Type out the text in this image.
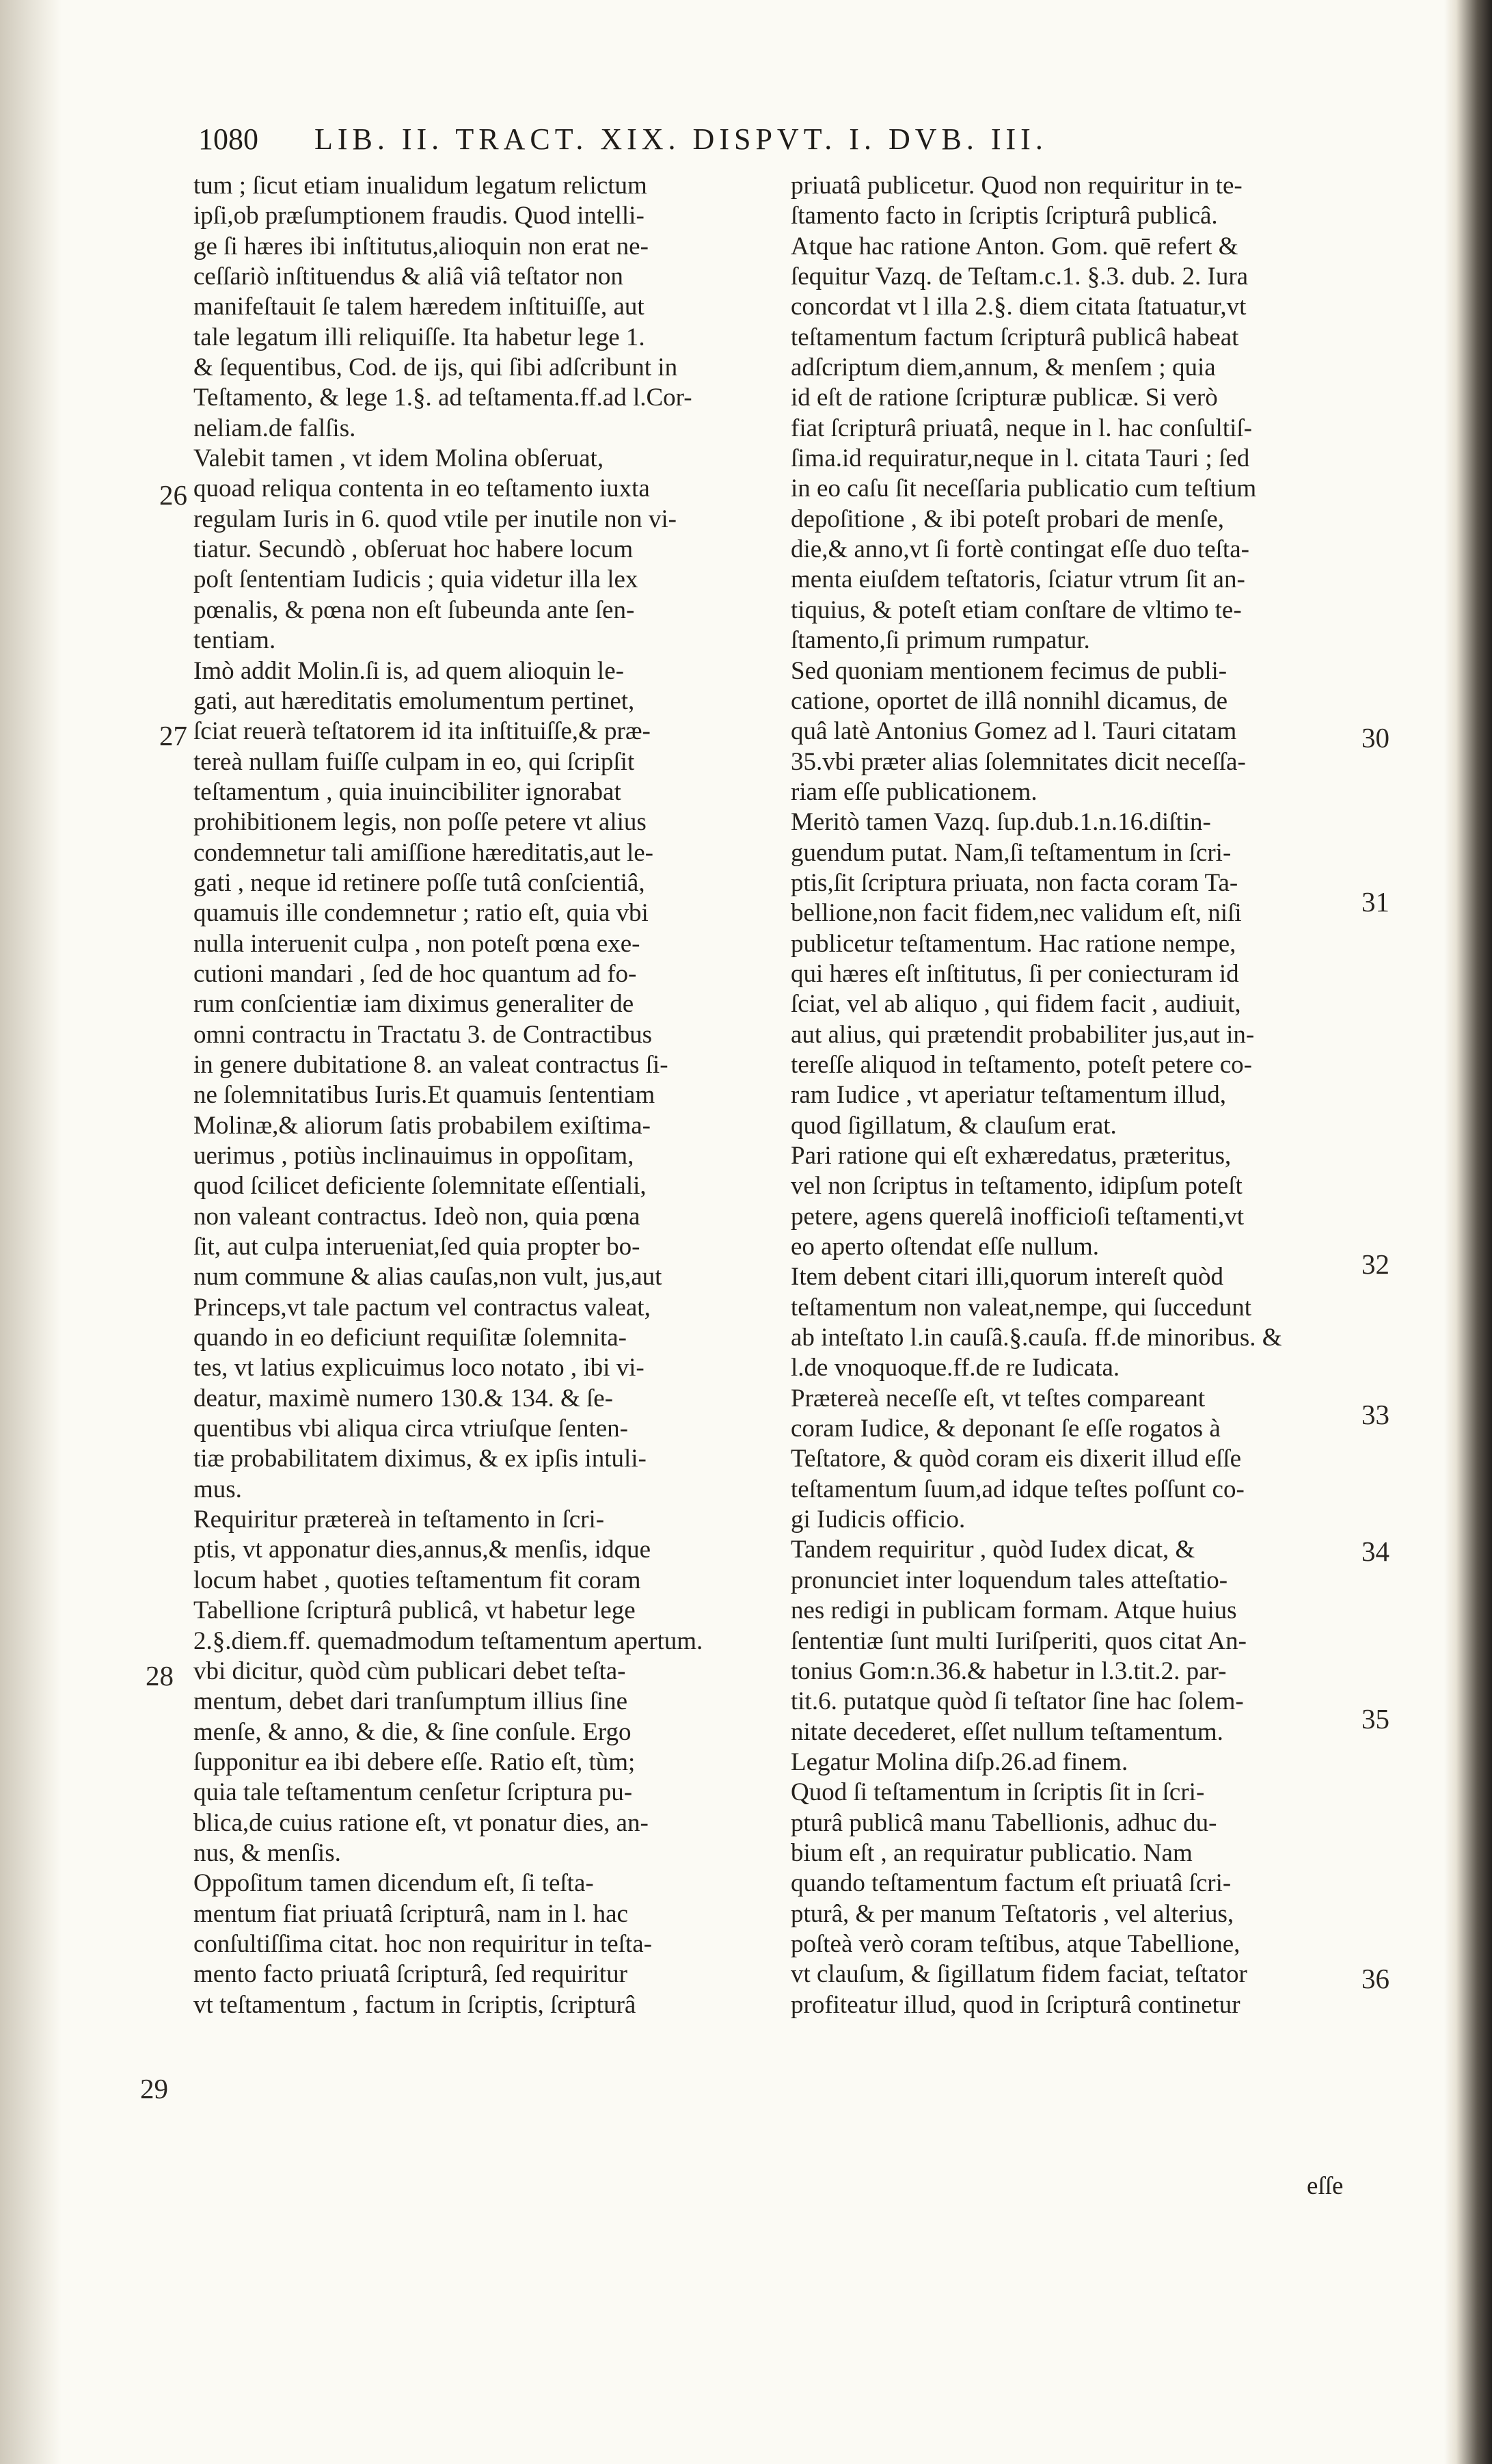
1080	LIB. II. TRACT. XIX. DISPVT. I. DVB. III.
tum ; ſicut etiam inualidum legatum relictum
ipſi,ob præſumptionem fraudis. Quod intelli-
ge ſi hæres ibi inſtitutus,alioquin non erat ne-
ceſſariò inſtituendus & aliâ viâ teſtator non
manifeſtauit ſe talem hæredem inſtituiſſe, aut
tale legatum illi reliquiſſe. Ita habetur lege 1.
& ſequentibus, Cod. de ijs, qui ſibi adſcribunt in
Teſtamento, & lege 1.§. ad teſtamenta.ff.ad l.Cor-
neliam.de falſis.
Valebit tamen , vt idem Molina obſeruat,
quoad reliqua contenta in eo teſtamento iuxta
regulam Iuris in 6. quod vtile per inutile non vi-
tiatur. Secundò , obſeruat hoc habere locum
poſt ſententiam Iudicis ; quia videtur illa lex
pœnalis, & pœna non eſt ſubeunda ante ſen-
tentiam.
Imò addit Molin.ſi is, ad quem alioquin le-
gati, aut hæreditatis emolumentum pertinet,
ſciat reuerà teſtatorem id ita inſtituiſſe,& præ-
tereà nullam fuiſſe culpam in eo, qui ſcripſit
teſtamentum , quia inuincibiliter ignorabat
prohibitionem legis, non poſſe petere vt alius
condemnetur tali amiſſione hæreditatis,aut le-
gati , neque id retinere poſſe tutâ conſcientiâ,
quamuis ille condemnetur ; ratio eſt, quia vbi
nulla interuenit culpa , non poteſt pœna exe-
cutioni mandari , ſed de hoc quantum ad fo-
rum conſcientiæ iam diximus generaliter de
omni contractu in Tractatu 3. de Contractibus
in genere dubitatione 8. an valeat contractus ſi-
ne ſolemnitatibus Iuris.Et quamuis ſententiam
Molinæ,& aliorum ſatis probabilem exiſtima-
uerimus , potiùs inclinauimus in oppoſitam,
quod ſcilicet deficiente ſolemnitate eſſentiali,
non valeant contractus. Ideò non, quia pœna
ſit, aut culpa interueniat,ſed quia propter bo-
num commune & alias cauſas,non vult, jus,aut
Princeps,vt tale pactum vel contractus valeat,
quando in eo deficiunt requiſitæ ſolemnita-
tes, vt latius explicuimus loco notato , ibi vi-
deatur, maximè numero 130.& 134. & ſe-
quentibus vbi aliqua circa vtriuſque ſenten-
tiæ probabilitatem diximus, & ex ipſis intuli-
mus.
Requiritur prætereà in teſtamento in ſcri-
ptis, vt apponatur dies,annus,& menſis, idque
locum habet , quoties teſtamentum fit coram
Tabellione ſcripturâ publicâ, vt habetur lege
2.§.diem.ff. quemadmodum teſtamentum apertum.
vbi dicitur, quòd cùm publicari debet teſta-
mentum, debet dari tranſumptum illius ſine
menſe, & anno, & die, & ſine conſule. Ergo
ſupponitur ea ibi debere eſſe. Ratio eſt, tùm;
quia tale teſtamentum cenſetur ſcriptura pu-
blica,de cuius ratione eſt, vt ponatur dies, an-
nus, & menſis.
Oppoſitum tamen dicendum eſt, ſi teſta-
mentum fiat priuatâ ſcripturâ, nam in l. hac
conſultiſſima citat. hoc non requiritur in teſta-
mento facto priuatâ ſcripturâ, ſed requiritur
vt teſtamentum , factum in ſcriptis, ſcripturâ
priuatâ publicetur. Quod non requiritur in te-
ſtamento facto in ſcriptis ſcripturâ publicâ.
Atque hac ratione Anton. Gom. quē refert &
ſequitur Vazq. de Teſtam.c.1. §.3. dub. 2. Iura
concordat vt l illa 2.§. diem citata ſtatuatur,vt
teſtamentum factum ſcripturâ publicâ habeat
adſcriptum diem,annum, & menſem ; quia
id eſt de ratione ſcripturæ publicæ. Si verò
fiat ſcripturâ priuatâ, neque in l. hac conſultiſ-
ſima.id requiratur,neque in l. citata Tauri ; ſed
in eo caſu ſit neceſſaria publicatio cum teſtium
depoſitione , & ibi poteſt probari de menſe,
die,& anno,vt ſi fortè contingat eſſe duo teſta-
menta eiuſdem teſtatoris, ſciatur vtrum ſit an-
tiquius, & poteſt etiam conſtare de vltimo te-
ſtamento,ſi primum rumpatur.
Sed quoniam mentionem fecimus de publi-
catione, oportet de illâ nonnihl dicamus, de
quâ latè Antonius Gomez ad l. Tauri citatam
35.vbi præter alias ſolemnitates dicit neceſſa-
riam eſſe publicationem.
Meritò tamen Vazq. ſup.dub.1.n.16.diſtin-
guendum putat. Nam,ſi teſtamentum in ſcri-
ptis,ſit ſcriptura priuata, non facta coram Ta-
bellione,non facit fidem,nec validum eſt, niſi
publicetur teſtamentum. Hac ratione nempe,
qui hæres eſt inſtitutus, ſi per coniecturam id
ſciat, vel ab aliquo , qui fidem facit , audiuit,
aut alius, qui prætendit probabiliter jus,aut in-
tereſſe aliquod in teſtamento, poteſt petere co-
ram Iudice , vt aperiatur teſtamentum illud,
quod ſigillatum, & clauſum erat.
Pari ratione qui eſt exhæredatus, præteritus,
vel non ſcriptus in teſtamento, idipſum poteſt
petere, agens querelâ inofficioſi teſtamenti,vt
eo aperto oſtendat eſſe nullum.
Item debent citari illi,quorum intereſt quòd
teſtamentum non valeat,nempe, qui ſuccedunt
ab inteſtato l.in cauſâ.§.cauſa. ff.de minoribus. &
l.de vnoquoque.ff.de re Iudicata.
Prætereà neceſſe eſt, vt teſtes compareant
coram Iudice, & deponant ſe eſſe rogatos à
Teſtatore, & quòd coram eis dixerit illud eſſe
teſtamentum ſuum,ad idque teſtes poſſunt co-
gi Iudicis officio.
Tandem requiritur , quòd Iudex dicat, &
pronunciet inter loquendum tales atteſtatio-
nes redigi in publicam formam. Atque huius
ſententiæ ſunt multi Iuriſperiti, quos citat An-
tonius Gom:n.36.& habetur in l.3.tit.2. par-
tit.6. putatque quòd ſi teſtator ſine hac ſolem-
nitate decederet, eſſet nullum teſtamentum.
Legatur Molina diſp.26.ad finem.
Quod ſi teſtamentum in ſcriptis ſit in ſcri-
pturâ publicâ manu Tabellionis, adhuc du-
bium eſt , an requiratur publicatio. Nam
quando teſtamentum factum eſt priuatâ ſcri-
pturâ, & per manum Teſtatoris , vel alterius,
poſteà verò coram teſtibus, atque Tabellione,
vt clauſum, & ſigillatum fidem faciat, teſtator
profiteatur illud, quod in ſcripturâ continetur
26
27
28
29
30
31
32
33
34
35
36
eſſe
